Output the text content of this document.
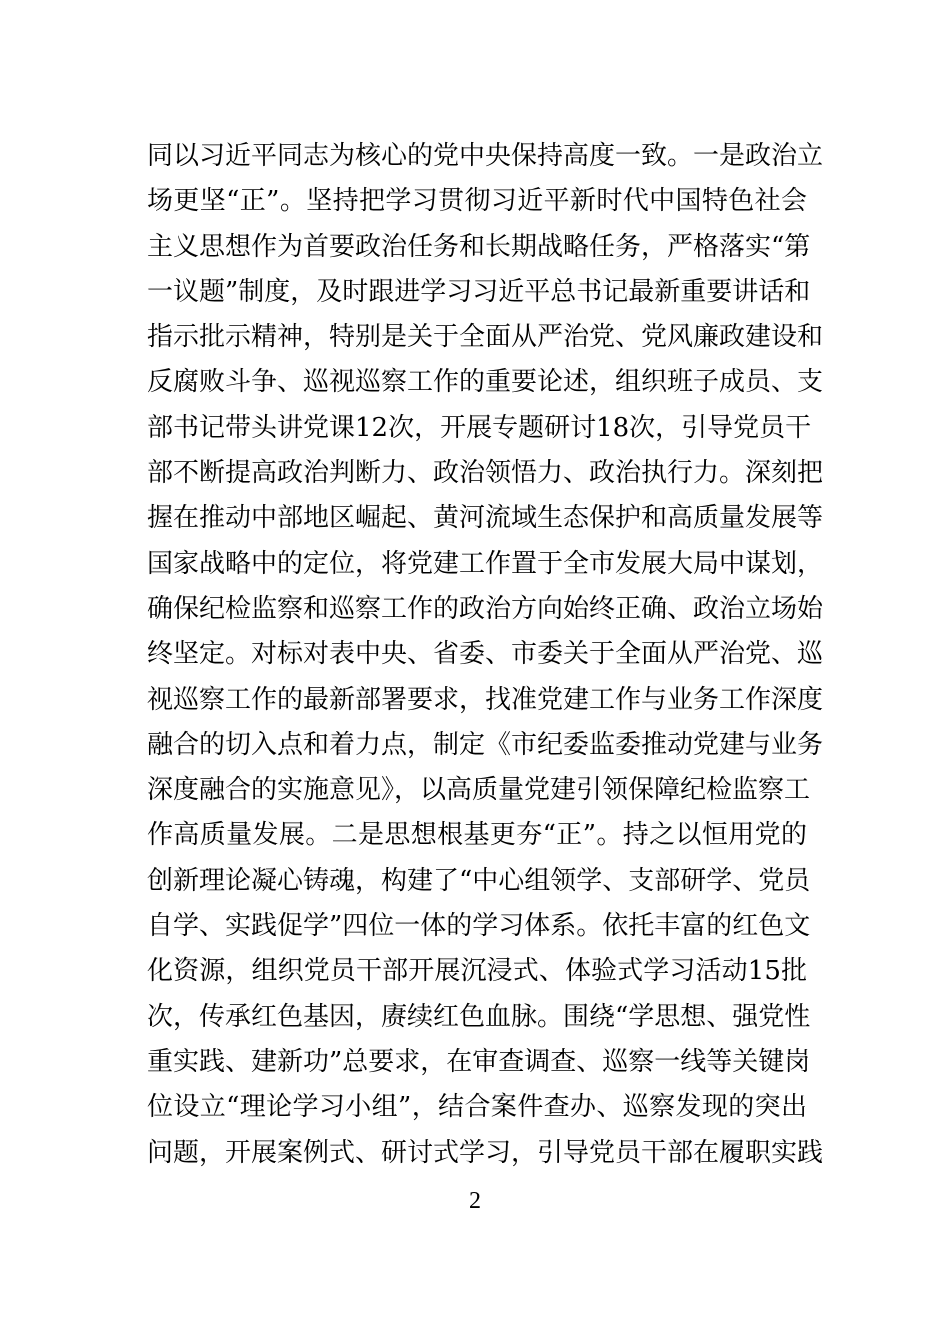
同以习近平同志为核心的党中央保持高度一致。一是政治立
场更坚“正”。坚持把学习贯彻习近平新时代中国特色社会
主义思想作为首要政治任务和长期战略任务，严格落实“第
一议题”制度，及时跟进学习习近平总书记最新重要讲话和
指示批示精神，特别是关于全面从严治党、党风廉政建设和
反腐败斗争、巡视巡察工作的重要论述，组织班子成员、支
部书记带头讲党课12次，开展专题研讨18次，引导党员干
部不断提高政治判断力、政治领悟力、政治执行力。深刻把
握在推动中部地区崛起、黄河流域生态保护和高质量发展等
国家战略中的定位，将党建工作置于全市发展大局中谋划，
确保纪检监察和巡察工作的政治方向始终正确、政治立场始
终坚定。对标对表中央、省委、市委关于全面从严治党、巡
视巡察工作的最新部署要求，找准党建工作与业务工作深度
融合的切入点和着力点，制定《市纪委监委推动党建与业务
深度融合的实施意见》，以高质量党建引领保障纪检监察工
作高质量发展。二是思想根基更夯“正”。持之以恒用党的
创新理论凝心铸魂，构建了“中心组领学、支部研学、党员
自学、实践促学”四位一体的学习体系。依托丰富的红色文
化资源，组织党员干部开展沉浸式、体验式学习活动15批
次，传承红色基因，赓续红色血脉。围绕“学思想、强党性
重实践、建新功”总要求，在审查调查、巡察一线等关键岗
位设立“理论学习小组”，结合案件查办、巡察发现的突出
问题，开展案例式、研讨式学习，引导党员干部在履职实践
2
